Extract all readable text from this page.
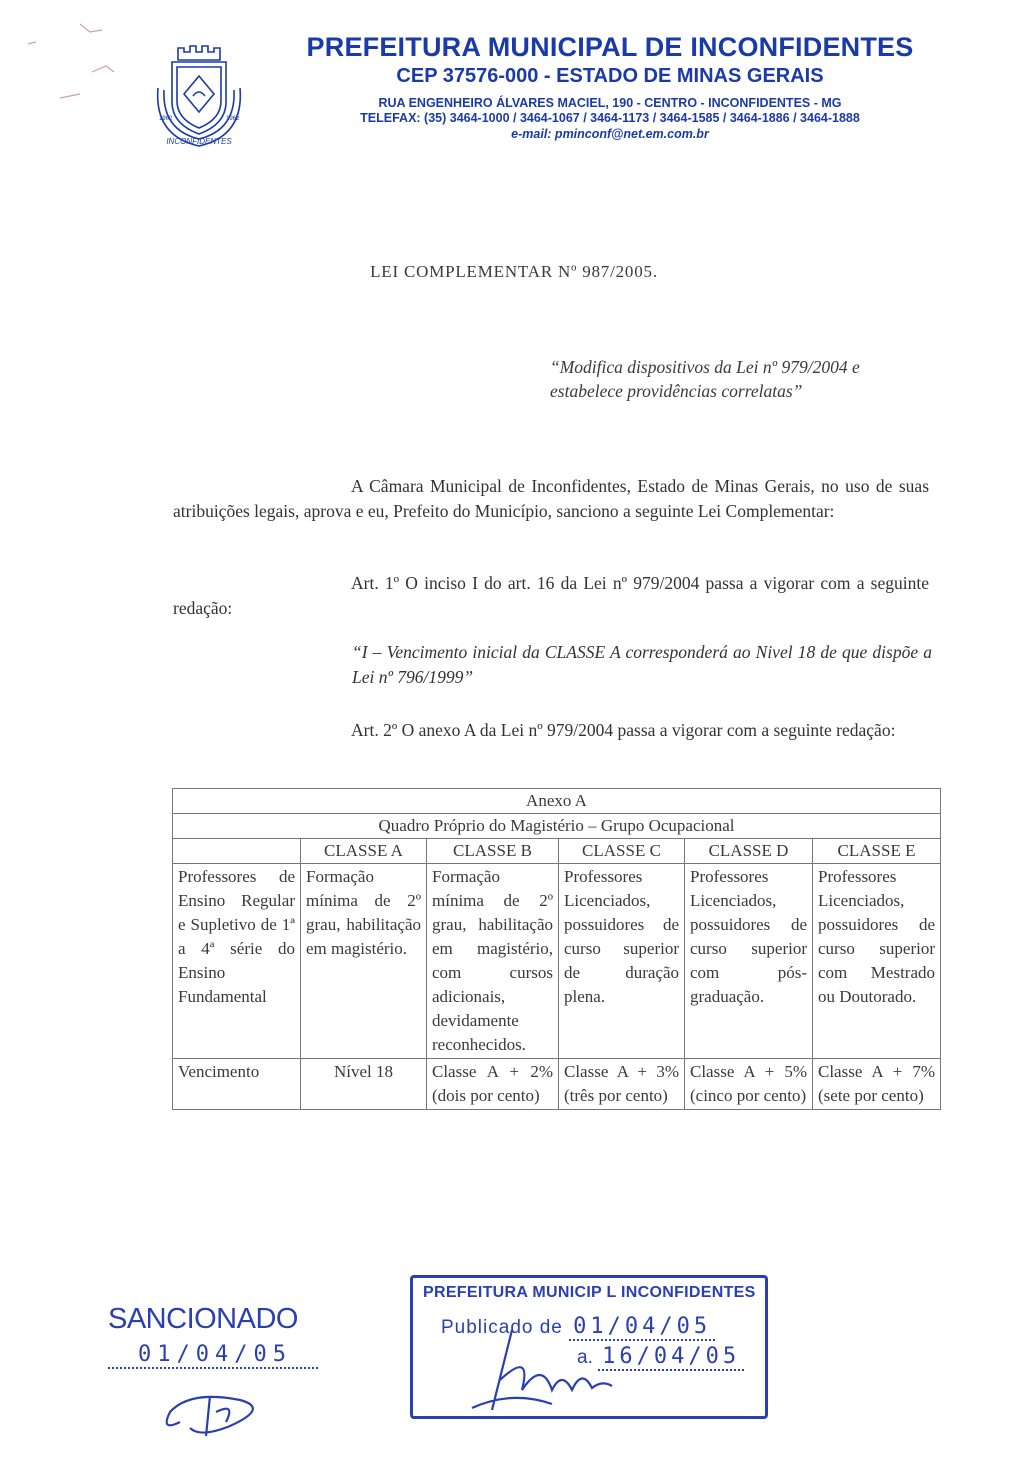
INCONFIDENTES
1962	1962
PREFEITURA MUNICIPAL DE INCONFIDENTES
CEP 37576-000 - ESTADO DE MINAS GERAIS
RUA ENGENHEIRO ÁLVARES MACIEL, 190 - CENTRO - INCONFIDENTES - MG
TELEFAX: (35) 3464-1000 / 3464-1067 / 3464-1173 / 3464-1585 / 3464-1886 / 3464-1888
e-mail: pminconf@net.em.com.br
LEI COMPLEMENTAR Nº 987/2005.
“Modifica dispositivos da Lei nº 979/2004 e estabelece providências correlatas”
A Câmara Municipal de Inconfidentes, Estado de Minas Gerais, no uso de suas atribuições legais, aprova e eu, Prefeito do Município, sanciono a seguinte Lei Complementar:
Art. 1º O inciso I do art. 16 da Lei nº 979/2004 passa a vigorar com a seguinte redação:
“I – Vencimento inicial da CLASSE A corresponderá ao Nivel 18 de que dispõe a Lei nº 796/1999”
Art. 2º O anexo A da Lei nº 979/2004 passa a vigorar com a seguinte redação:
Anexo A					
Quadro Próprio do Magistério – Grupo Ocupacional					
	CLASSE A	CLASSE B	CLASSE C	CLASSE D	CLASSE E
Professores de Ensino Regular e Supletivo de 1ª a 4ª série do Ensino Fundamental	Formação mínima de 2º grau, habilitação em magistério.	Formação mínima de 2º grau, habilitação em magistério, com cursos adicionais, devidamente reconhecidos.	Professores Licenciados, possuidores de curso superior de duração plena.	Professores Licenciados, possuidores de curso superior com pós-graduação.	Professores Licenciados, possuidores de curso superior com Mestrado ou Doutorado.
Vencimento	Nível 18	Classe A + 2% (dois por cento)	Classe A + 3% (três por cento)	Classe A + 5% (cinco por cento)	Classe A + 7% (sete por cento)
SANCIONADO
01/04/05
PREFEITURA MUNICIP L INCONFIDENTES
Publicado de 01/04/05
a. 16/04/05
